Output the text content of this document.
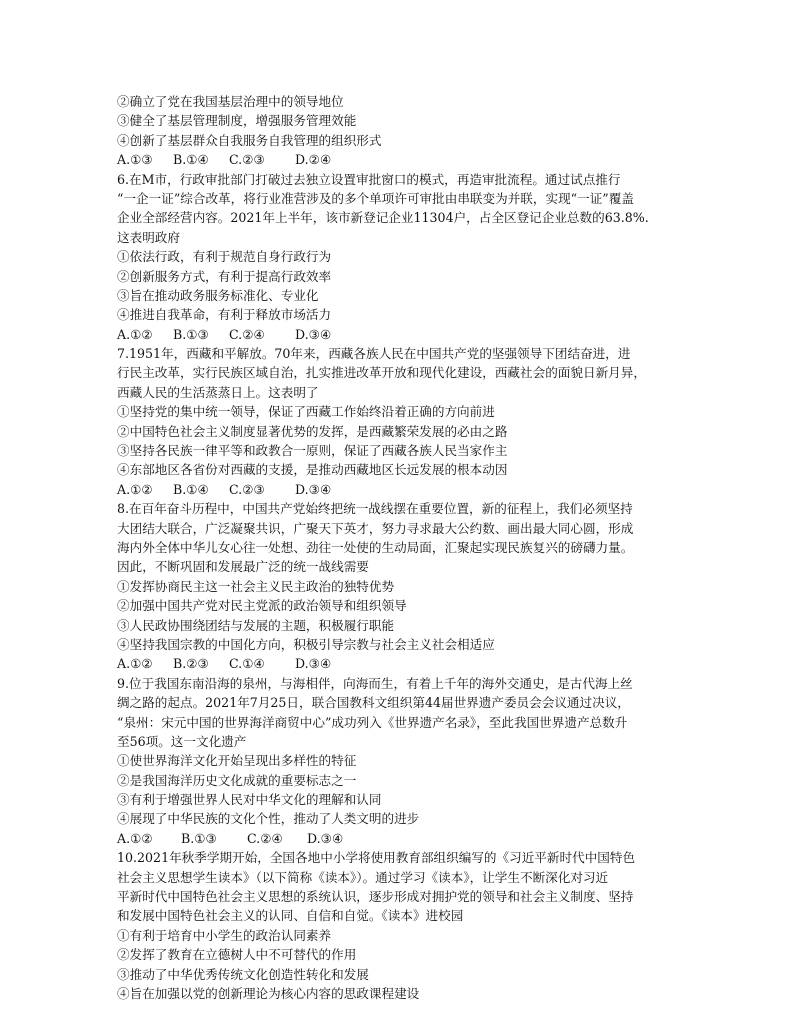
②确立了党在我国基层治理中的领导地位
③健全了基层管理制度，增强服务管理效能
④创新了基层群众自我服务自我管理的组织形式
A.①③	B.①④	C.②③	D.②④
6.在M市，行政审批部门打破过去独立设置审批窗口的模式，再造审批流程。通过试点推行
“一企一证”综合改革，将行业准营涉及的多个单项许可审批由串联变为并联，实现“一证”覆盖
企业全部经营内容。2021年上半年，该市新登记企业11304户，占全区登记企业总数的63.8%.
这表明政府
①依法行政，有利于规范自身行政行为
②创新服务方式，有利于提高行政效率
③旨在推动政务服务标准化、专业化
④推进自我革命，有利于释放市场活力
A.①②	B.①③	C.②④	D.③④
7.1951年，西藏和平解放。70年来，西藏各族人民在中国共产党的坚强领导下团结奋进，进
行民主改革，实行民族区域自治，扎实推进改革开放和现代化建设，西藏社会的面貌日新月异，
西藏人民的生活蒸蒸日上。这表明了
①坚持党的集中统一领导，保证了西藏工作始终沿着正确的方向前进
②中国特色社会主义制度显著优势的发挥，是西藏繁荣发展的必由之路
③坚持各民族一律平等和政教合一原则，保证了西藏各族人民当家作主
④东部地区各省份对西藏的支援，是推动西藏地区长远发展的根本动因
A.①②	B.①④	C.②③	D.③④
8.在百年奋斗历程中，中国共产党始终把统一战线摆在重要位置，新的征程上，我们必须坚持
大团结大联合，广泛凝聚共识，广聚天下英才，努力寻求最大公约数、画出最大同心圆，形成
海内外全体中华儿女心往一处想、劲往一处使的生动局面，汇聚起实现民族复兴的磅礴力量。
因此，不断巩固和发展最广泛的统一战线需要
①发挥协商民主这一社会主义民主政治的独特优势
②加强中国共产党对民主党派的政治领导和组织领导
③人民政协围绕团结与发展的主题，积极履行职能
④坚持我国宗教的中国化方向，积极引导宗教与社会主义社会相适应
A.①②	B.②③	C.①④	D.③④
9.位于我国东南沿海的泉州，与海相伴，向海而生，有着上千年的海外交通史，是古代海上丝
绸之路的起点。2021年7月25日，联合国教科文组织第44届世界遗产委员会会议通过决议，
“泉州：宋元中国的世界海洋商贸中心”成功列入《世界遗产名录》，至此我国世界遗产总数升
至56项。这一文化遗产
①使世界海洋文化开始呈现出多样性的特征
②是我国海洋历史文化成就的重要标志之一
③有利于增强世界人民对中华文化的理解和认同
④展现了中华民族的文化个性，推动了人类文明的进步
A.①②	B.①③	C.②④	D.③④
10.2021年秋季学期开始，全国各地中小学将使用教育部组织编写的《习近平新时代中国特色
社会主义思想学生读本》（以下简称《读本》）。通过学习《读本》，让学生不断深化对习近
平新时代中国特色社会主义思想的系统认识，逐步形成对拥护党的领导和社会主义制度、坚持
和发展中国特色社会主义的认同、自信和自觉。《读本》进校园
①有利于培育中小学生的政治认同素养
②发挥了教育在立德树人中不可替代的作用
③推动了中华优秀传统文化创造性转化和发展
④旨在加强以党的创新理论为核心内容的思政课程建设
